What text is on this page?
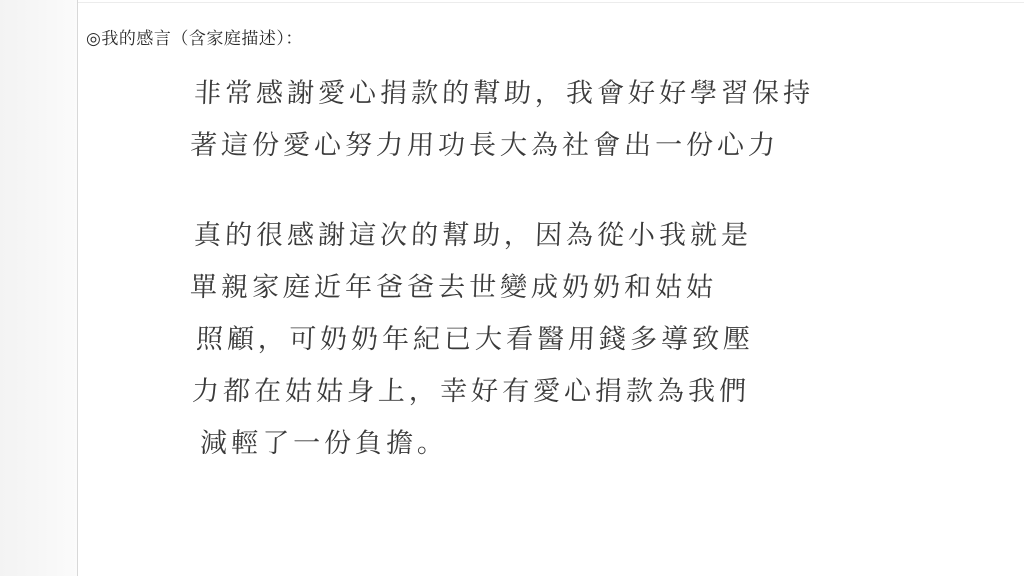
◎我的感言（含家庭描述）：
非常感謝愛心捐款的幫助，我會好好學習保持
著這份愛心努力用功長大為社會出一份心力
真的很感謝這次的幫助，因為從小我就是
單親家庭近年爸爸去世變成奶奶和姑姑
照顧，可奶奶年紀已大看醫用錢多導致壓
力都在姑姑身上，幸好有愛心捐款為我們
減輕了一份負擔。
